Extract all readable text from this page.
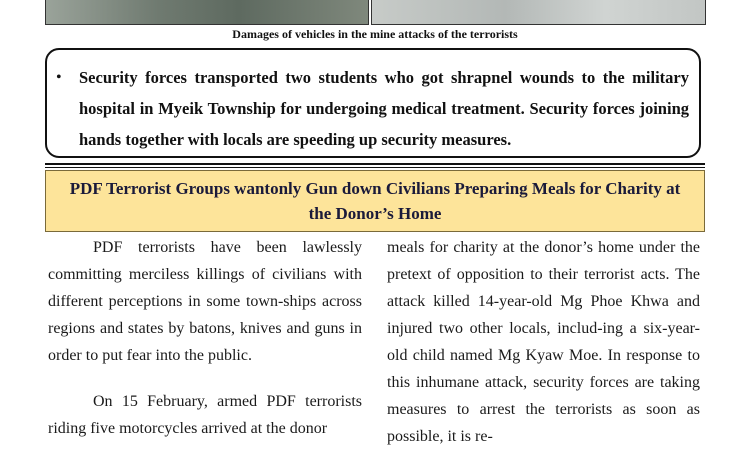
Damages of vehicles in the mine attacks of the terrorists
• Security forces transported two students who got shrapnel wounds to the military hospital in Myeik Township for undergoing medical treatment. Security forces joining hands together with locals are speeding up security measures.
PDF Terrorist Groups wantonly Gun down Civilians Preparing Meals for Charity at the Donor’s Home

PDF terrorists have been lawlessly committing merciless killings of civilians with different perceptions in some town-ships across regions and states by batons, knives and guns in order to put fear into the public.

On 15 February, armed PDF terrorists riding five motorcycles arrived at the donor

meals for charity at the donor’s home under the pretext of opposition to their terrorist acts. The attack killed 14-year-old Mg Phoe Khwa and injured two other locals, includ-ing a six-year-old child named Mg Kyaw Moe. In response to this inhumane attack, security forces are taking measures to arrest the terrorists as soon as possible, it is re-
